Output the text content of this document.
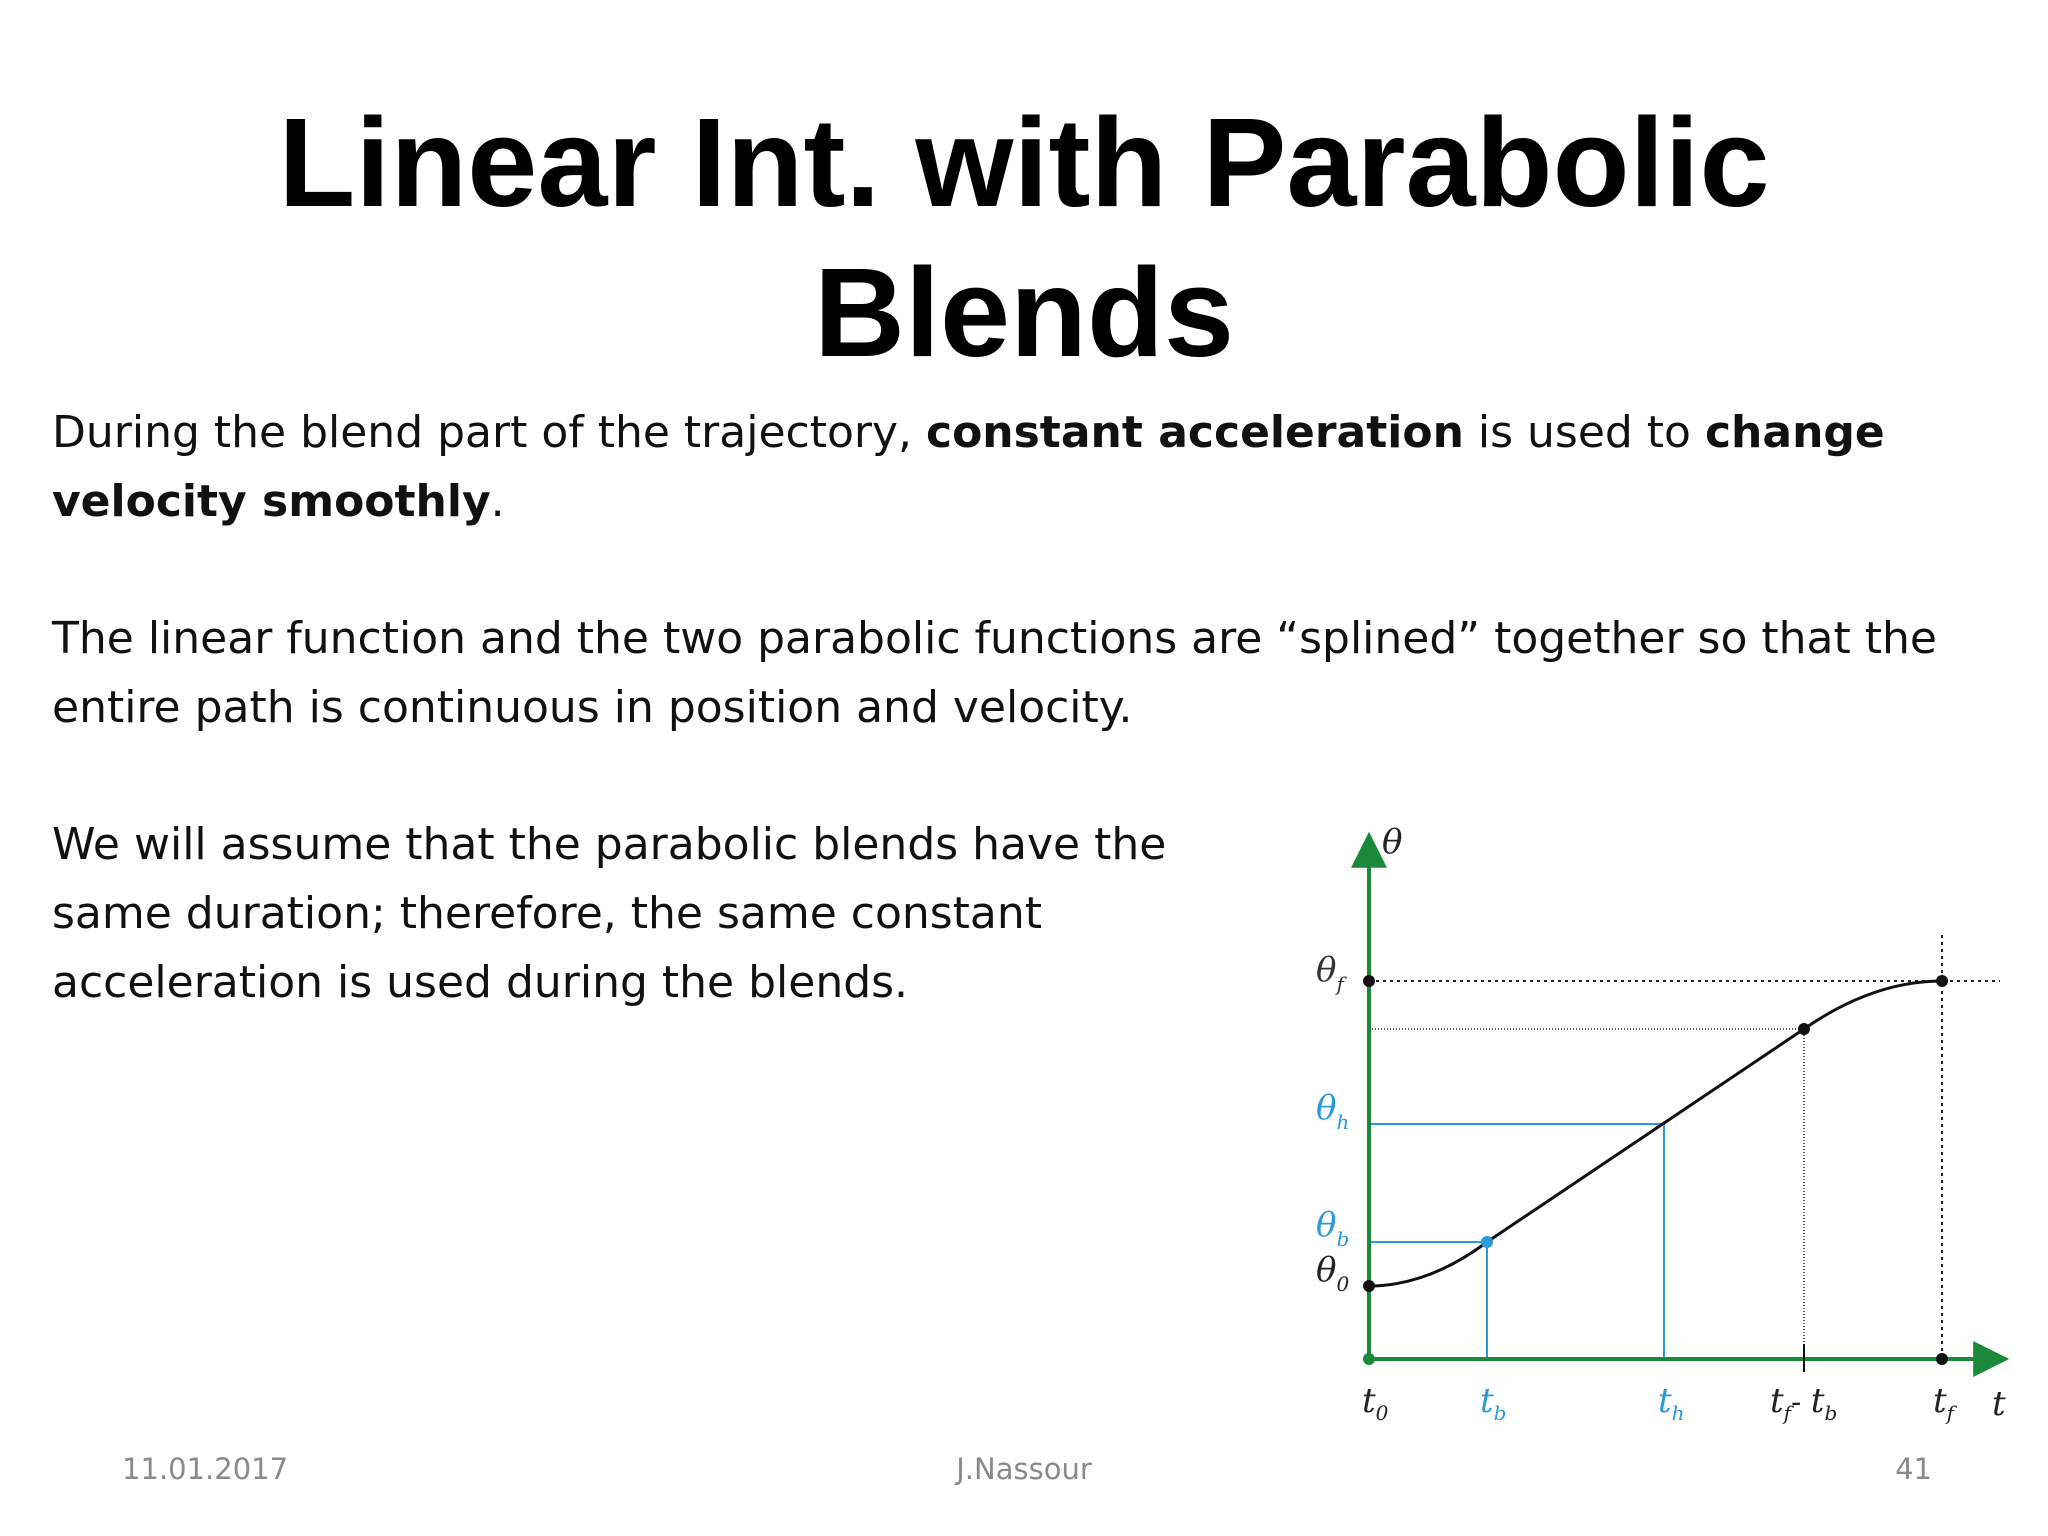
Linear Int. with Parabolic
Blends
During the blend part of the trajectory, constant acceleration is used to change velocity smoothly.
The linear function and the two parabolic functions are “splined” together so that the entire path is continuous in position and velocity.
We will assume that the parabolic blends have the same duration; therefore, the same constant acceleration is used during the blends.
θ
t
$\theta_f$
$\theta_h$
$\theta_b$
$\theta_0$
$t_0$	$t_b$	$t_h$	$t_f-$ $t_b$	$t_f$
11.01.2017	J.Nassour	41
